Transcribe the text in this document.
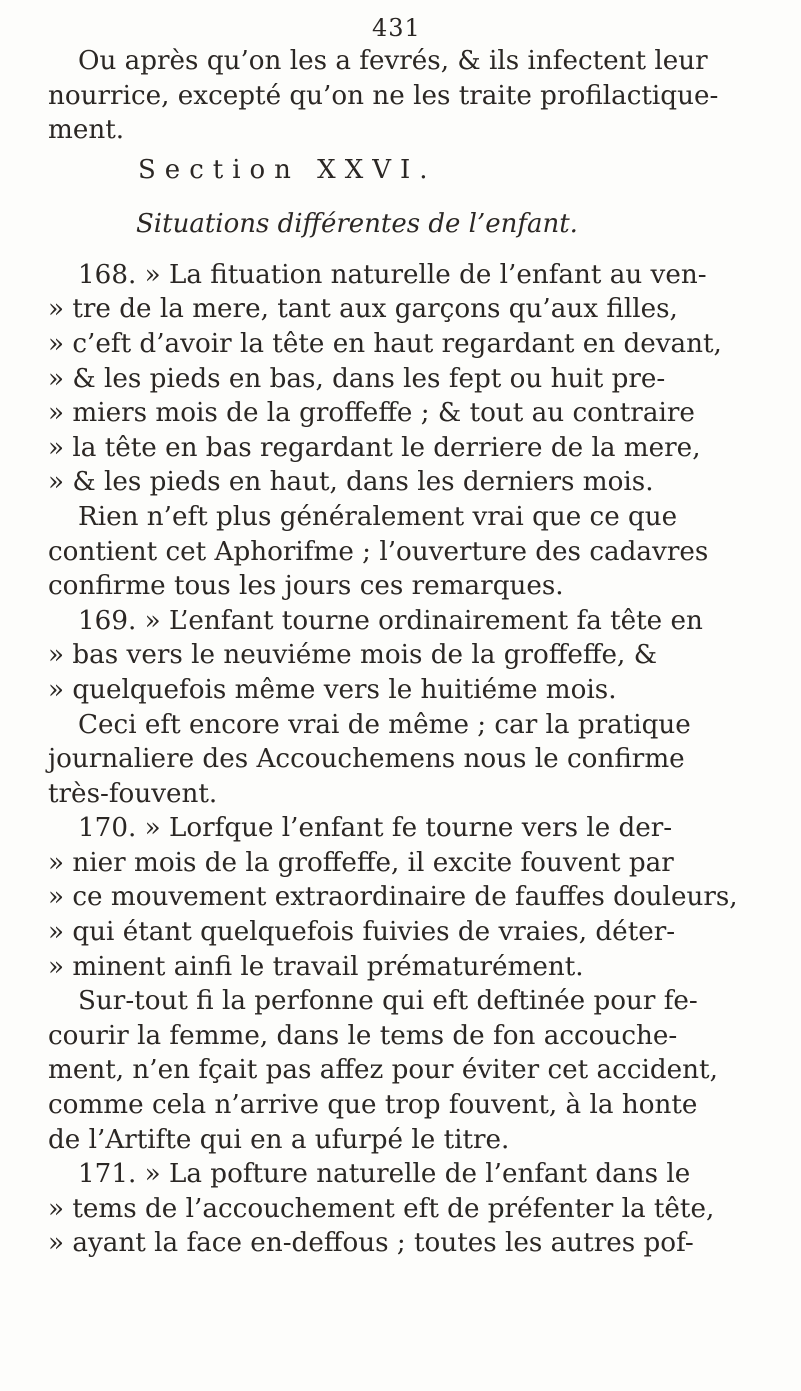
431
Ou après qu’on les a fevrés, & ils infectent leur
nourrice, excepté qu’on ne les traite profilactique-
ment.
Section XXVI.
Situations différentes de l’enfant.
168. » La fituation naturelle de l’enfant au ven-
» tre de la mere, tant aux garçons qu’aux filles,
» c’eft d’avoir la tête en haut regardant en devant,
» & les pieds en bas, dans les fept ou huit pre-
» miers mois de la groffeffe ; & tout au contraire
» la tête en bas regardant le derriere de la mere,
» & les pieds en haut, dans les derniers mois.
Rien n’eft plus généralement vrai que ce que
contient cet Aphorifme ; l’ouverture des cadavres
confirme tous les jours ces remarques.
169. » L’enfant tourne ordinairement fa tête en
» bas vers le neuviéme mois de la groffeffe, &
» quelquefois même vers le huitiéme mois.
Ceci eft encore vrai de même ; car la pratique
journaliere des Accouchemens nous le confirme
très-fouvent.
170. » Lorfque l’enfant fe tourne vers le der-
» nier mois de la groffeffe, il excite fouvent par
» ce mouvement extraordinaire de fauffes douleurs,
» qui étant quelquefois fuivies de vraies, déter-
» minent ainfi le travail prématurément.
Sur-tout fi la perfonne qui eft deftinée pour fe-
courir la femme, dans le tems de fon accouche-
ment, n’en fçait pas affez pour éviter cet accident,
comme cela n’arrive que trop fouvent, à la honte
de l’Artifte qui en a ufurpé le titre.
171. » La pofture naturelle de l’enfant dans le
» tems de l’accouchement eft de préfenter la tête,
» ayant la face en-deffous ; toutes les autres pof-
